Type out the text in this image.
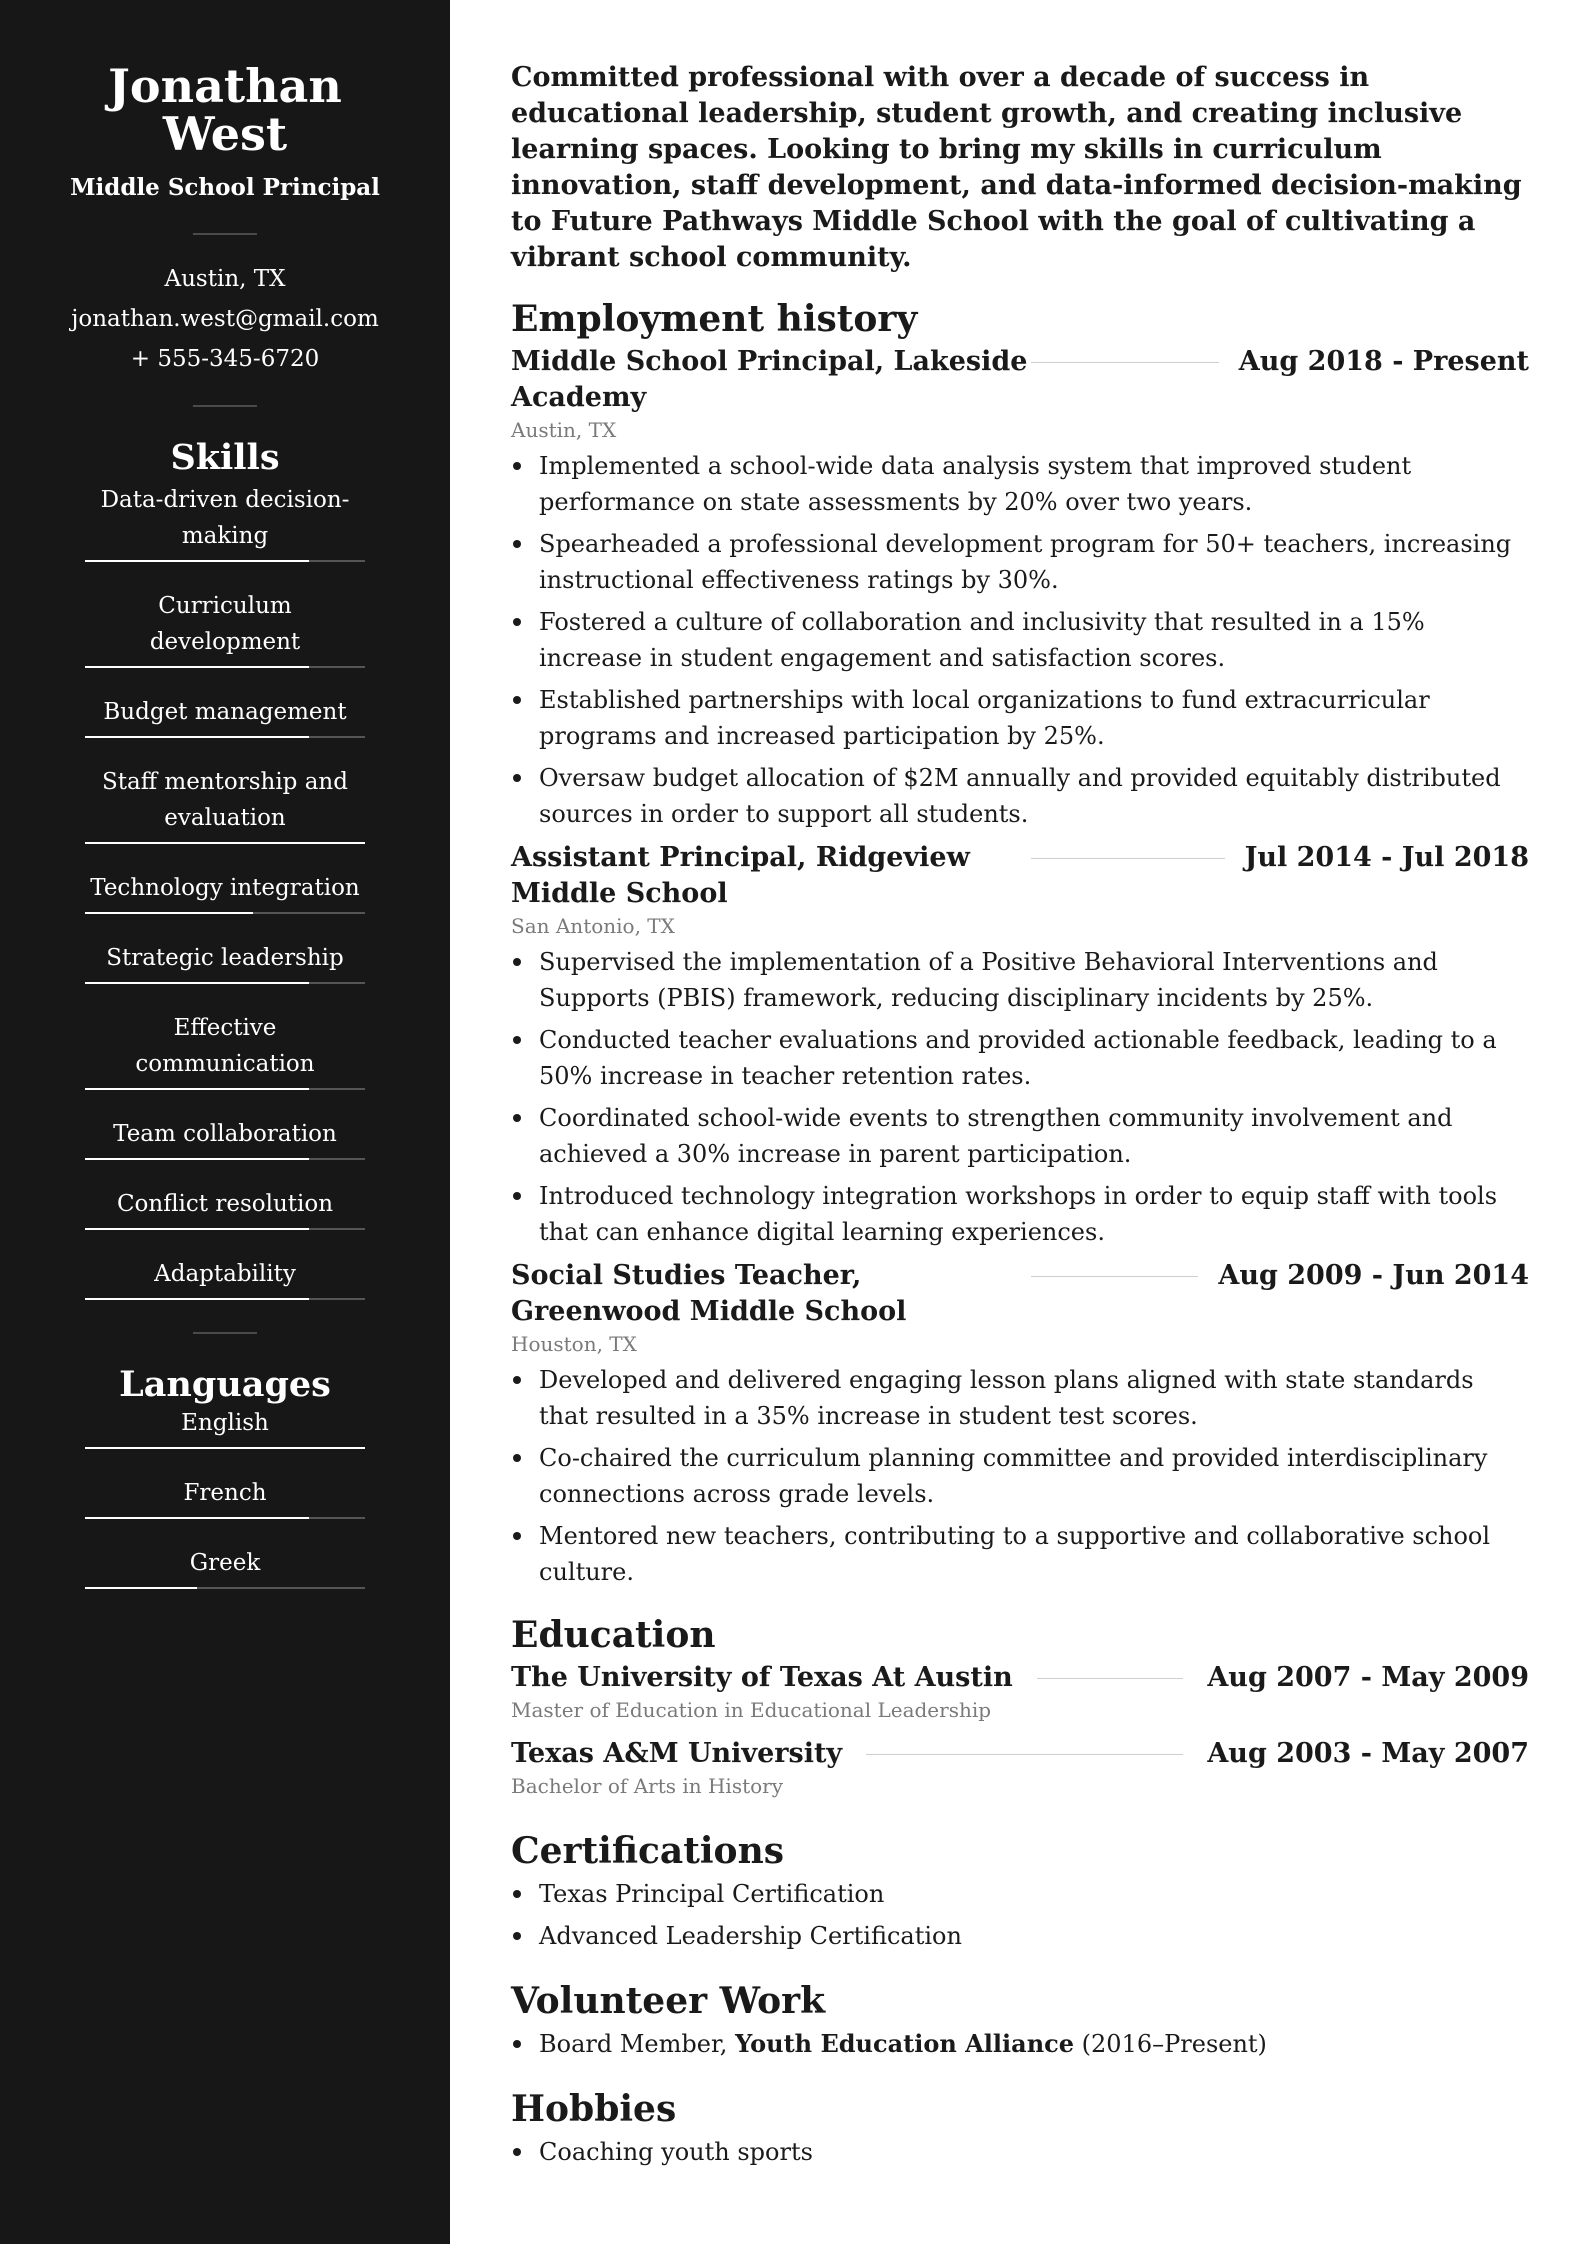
Jonathan West
Middle School Principal
Austin, TX
jonathan.west@gmail.com
+ 555-345-6720
Skills
Data-driven decision-making
Curriculum development
Budget management
Staff mentorship and evaluation
Technology integration
Strategic leadership
Effective communication
Team collaboration
Conflict resolution
Adaptability
Languages
English
French
Greek

Committed professional with over a decade of success in educational leadership, student growth, and creating inclusive learning spaces. Looking to bring my skills in curriculum innovation, staff development, and data-informed decision-making to Future Pathways Middle School with the goal of cultivating a vibrant school community.

Employment history
Middle School Principal, Lakeside Academy
Aug 2018 - Present
Austin, TX
Implemented a school-wide data analysis system that improved student performance on state assessments by 20% over two years.
Spearheaded a professional development program for 50+ teachers, increasing instructional effectiveness ratings by 30%.
Fostered a culture of collaboration and inclusivity that resulted in a 15% increase in student engagement and satisfaction scores.
Established partnerships with local organizations to fund extracurricular programs and increased participation by 25%.
Oversaw budget allocation of $2M annually and provided equitably distributed sources in order to support all students.
Assistant Principal, Ridgeview Middle School
Jul 2014 - Jul 2018
San Antonio, TX
Supervised the implementation of a Positive Behavioral Interventions and Supports (PBIS) framework, reducing disciplinary incidents by 25%.
Conducted teacher evaluations and provided actionable feedback, leading to a 50% increase in teacher retention rates.
Coordinated school-wide events to strengthen community involvement and achieved a 30% increase in parent participation.
Introduced technology integration workshops in order to equip staff with tools that can enhance digital learning experiences.
Social Studies Teacher, Greenwood Middle School
Aug 2009 - Jun 2014
Houston, TX
Developed and delivered engaging lesson plans aligned with state standards that resulted in a 35% increase in student test scores.
Co-chaired the curriculum planning committee and provided interdisciplinary connections across grade levels.
Mentored new teachers, contributing to a supportive and collaborative school culture.
Education
The University of Texas At Austin	Aug 2007 - May 2009
Master of Education in Educational Leadership
Texas A&M University	Aug 2003 - May 2007
Bachelor of Arts in History
Certifications
Texas Principal Certification
Advanced Leadership Certification
Volunteer Work
Board Member, Youth Education Alliance (2016–Present)
Hobbies
Coaching youth sports
